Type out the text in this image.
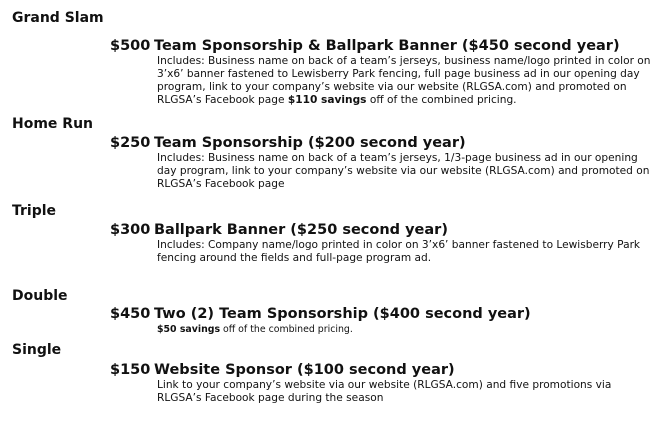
Grand Slam
$500 Team Sponsorship & Ballpark Banner ($450 second year)
Includes: Business name on back of a team’s jerseys, business name/logo printed in color on 3’x6’ banner fastened to Lewisberry Park fencing, full page business ad in our opening day program, link to your company’s website via our website (RLGSA.com) and promoted on RLGSA’s Facebook page $110 savings off of the combined pricing.
Home Run
$250 Team Sponsorship ($200 second year)
Includes: Business name on back of a team’s jerseys, 1/3-page business ad in our opening day program, link to your company’s website via our website (RLGSA.com) and promoted on RLGSA’s Facebook page
Triple
$300 Ballpark Banner ($250 second year)
Includes: Company name/logo printed in color on 3’x6’ banner fastened to Lewisberry Park fencing around the fields and full-page program ad.
Double
$450 Two (2) Team Sponsorship ($400 second year)
$50 savings off of the combined pricing.
Single
$150 Website Sponsor ($100 second year)
Link to your company’s website via our website (RLGSA.com) and five promotions via RLGSA’s Facebook page during the season
